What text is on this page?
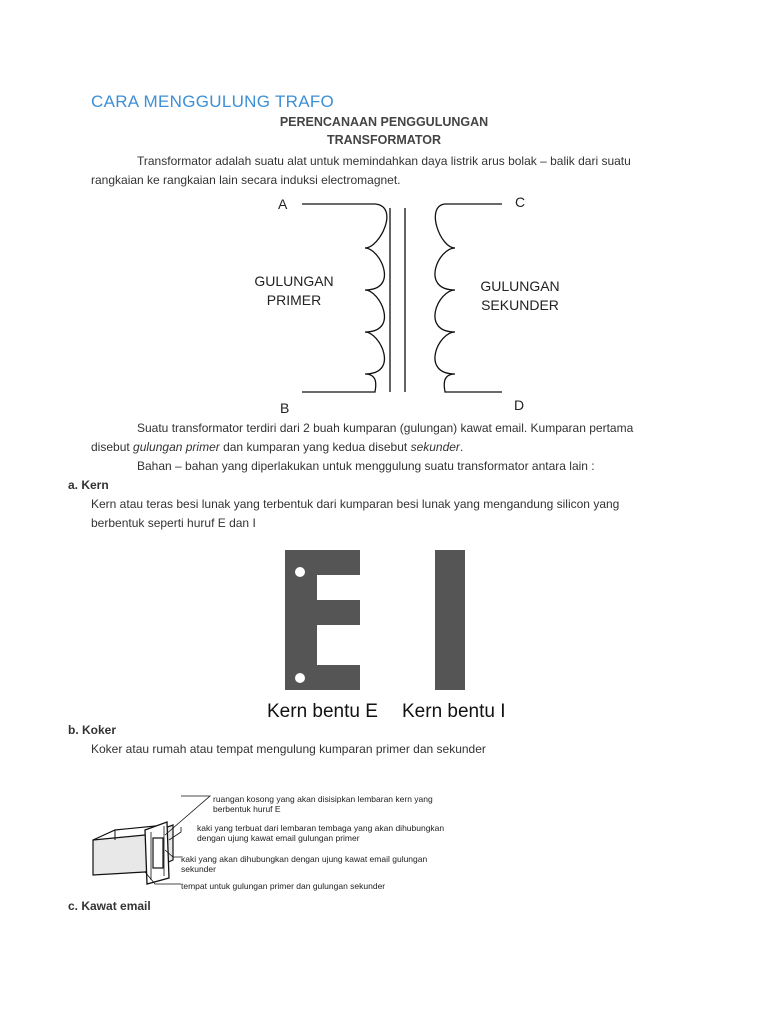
CARA MENGGULUNG TRAFO
PERENCANAAN PENGGULUNGAN
TRANSFORMATOR
Transformator adalah suatu alat untuk memindahkan daya listrik arus bolak – balik dari suatu
rangkaian ke rangkaian lain secara induksi electromagnet.
A	C
B	D
GULUNGAN
PRIMER
GULUNGAN
SEKUNDER
Suatu transformator terdiri dari 2 buah kumparan (gulungan) kawat email. Kumparan pertama
disebut gulungan primer dan kumparan yang kedua disebut sekunder.
Bahan – bahan yang diperlakukan untuk menggulung suatu transformator antara lain :
a. Kern
Kern atau teras besi lunak yang terbentuk dari kumparan besi lunak yang mengandung silicon yang
berbentuk seperti huruf E dan I
Kern bentu E Kern bentu I
b. Koker
Koker atau rumah atau tempat mengulung kumparan primer dan sekunder
ruangan kosong yang akan disisipkan lembaran kern yang
berbentuk huruf E
kaki yang terbuat dari lembaran tembaga yang akan dihubungkan
dengan ujung kawat email gulungan primer
kaki yang akan dihubungkan dengan ujung kawat email gulungan
sekunder
tempat untuk gulungan primer dan gulungan sekunder
c. Kawat email
